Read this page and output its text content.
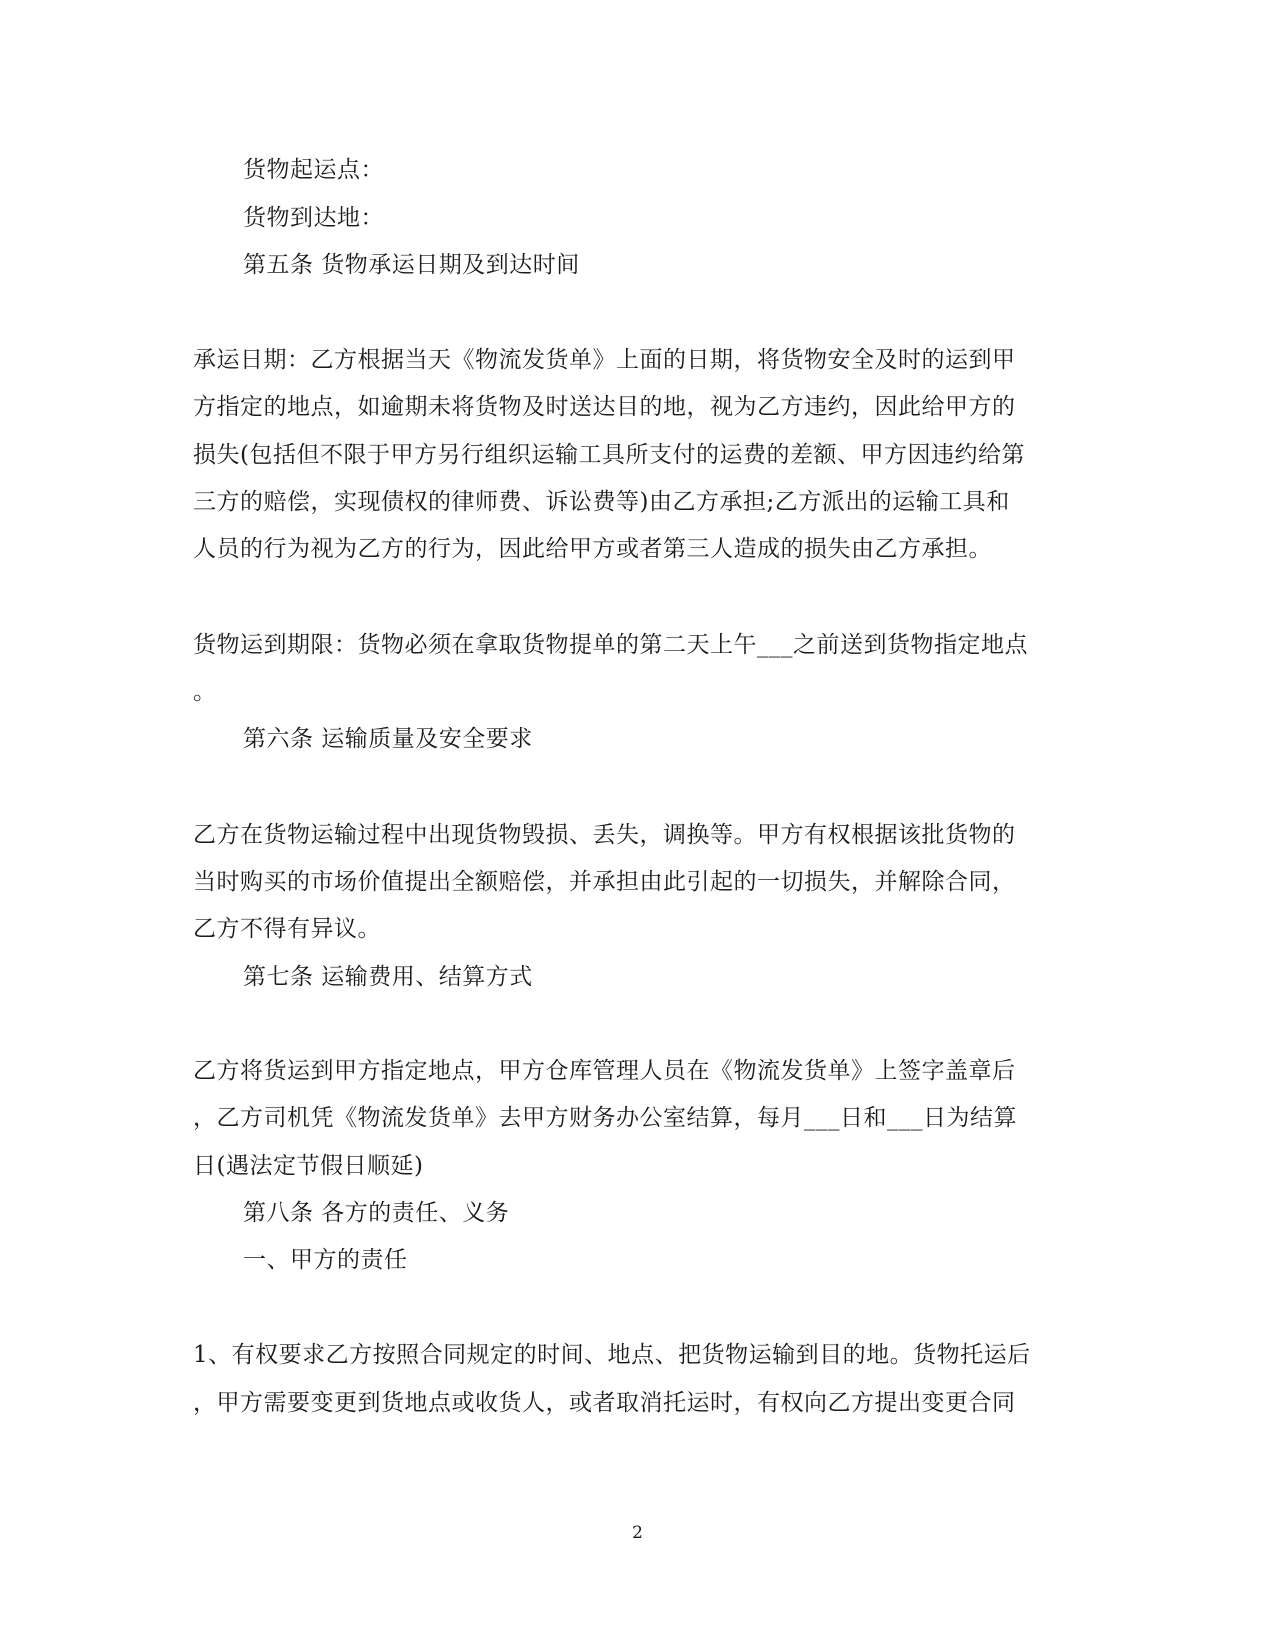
货物起运点：
货物到达地：
第五条 货物承运日期及到达时间
承运日期：乙方根据当天《物流发货单》上面的日期，将货物安全及时的运到甲
方指定的地点，如逾期未将货物及时送达目的地，视为乙方违约，因此给甲方的
损失(包括但不限于甲方另行组织运输工具所支付的运费的差额、甲方因违约给第
三方的赔偿，实现债权的律师费、诉讼费等)由乙方承担;乙方派出的运输工具和
人员的行为视为乙方的行为，因此给甲方或者第三人造成的损失由乙方承担。
货物运到期限：货物必须在拿取货物提单的第二天上午___之前送到货物指定地点
。
第六条 运输质量及安全要求
乙方在货物运输过程中出现货物毁损、丢失，调换等。甲方有权根据该批货物的
当时购买的市场价值提出全额赔偿，并承担由此引起的一切损失，并解除合同，
乙方不得有异议。
第七条 运输费用、结算方式
乙方将货运到甲方指定地点，甲方仓库管理人员在《物流发货单》上签字盖章后
，乙方司机凭《物流发货单》去甲方财务办公室结算，每月___日和___日为结算
日(遇法定节假日顺延)
第八条 各方的责任、义务
一、甲方的责任
1、有权要求乙方按照合同规定的时间、地点、把货物运输到目的地。货物托运后
，甲方需要变更到货地点或收货人，或者取消托运时，有权向乙方提出变更合同
2
